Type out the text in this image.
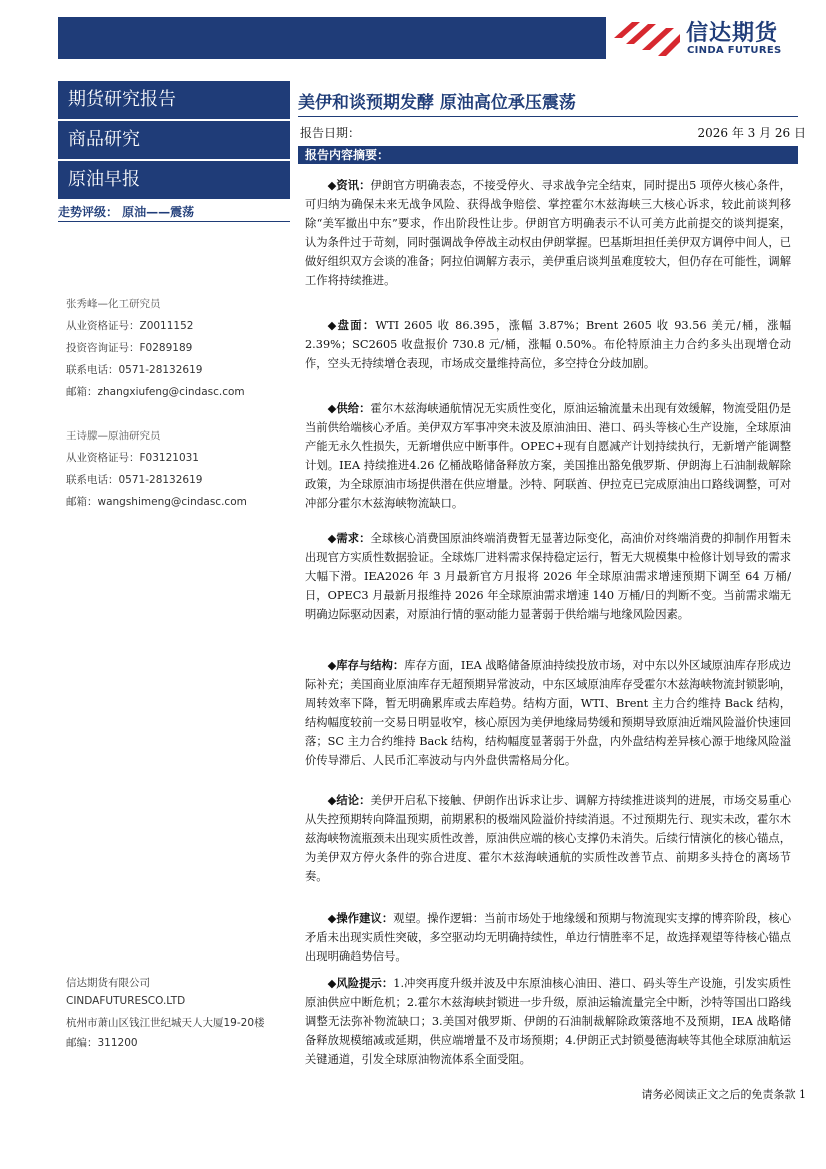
信达期货
CINDA FUTURES
期货研究报告
商品研究
原油早报
走势评级： 原油——震荡
张秀峰—化工研究员
从业资格证号：Z0011152
投资咨询证号：F0289189
联系电话：0571-28132619
邮箱：zhangxiufeng@cindasc.com
王诗朦—原油研究员
从业资格证号：F03121031
联系电话：0571-28132619
邮箱：wangshimeng@cindasc.com
信达期货有限公司
CINDAFUTURESCO.LTD
杭州市萧山区钱江世纪城天人大厦19-20楼
邮编：311200
美伊和谈预期发酵 原油高位承压震荡
报告日期：	2026 年 3 月 26 日
报告内容摘要：
◆资讯：伊朗官方明确表态，不接受停火、寻求战争完全结束，同时提出5 项停火核心条件，可归纳为确保未来无战争风险、获得战争赔偿、掌控霍尔木兹海峡三大核心诉求，较此前谈判移除“美军撤出中东”要求，作出阶段性让步。伊朗官方明确表示不认可美方此前提交的谈判提案，认为条件过于苛刻，同时强调战争停战主动权由伊朗掌握。巴基斯坦担任美伊双方调停中间人，已做好组织双方会谈的准备；阿拉伯调解方表示，美伊重启谈判虽难度较大，但仍存在可能性，调解工作将持续推进。
◆盘面：WTI 2605 收 86.395，涨幅 3.87%；Brent 2605 收 93.56 美元/桶，涨幅 2.39%；SC2605 收盘报价 730.8 元/桶，涨幅 0.50%。布伦特原油主力合约多头出现增仓动作，空头无持续增仓表现，市场成交量维持高位，多空持仓分歧加剧。
◆供给：霍尔木兹海峡通航情况无实质性变化，原油运输流量未出现有效缓解，物流受阻仍是当前供给端核心矛盾。美伊双方军事冲突未波及原油油田、港口、码头等核心生产设施，全球原油产能无永久性损失，无新增供应中断事件。OPEC+现有自愿减产计划持续执行，无新增产能调整计划。IEA 持续推进4.26 亿桶战略储备释放方案，美国推出豁免俄罗斯、伊朗海上石油制裁解除政策，为全球原油市场提供潜在供应增量。沙特、阿联酋、伊拉克已完成原油出口路线调整，可对冲部分霍尔木兹海峡物流缺口。
◆需求：全球核心消费国原油终端消费暂无显著边际变化，高油价对终端消费的抑制作用暂未出现官方实质性数据验证。全球炼厂进料需求保持稳定运行，暂无大规模集中检修计划导致的需求大幅下滑。IEA2026 年 3 月最新官方月报将 2026 年全球原油需求增速预期下调至 64 万桶/日，OPEC3 月最新月报维持 2026 年全球原油需求增速 140 万桶/日的判断不变。当前需求端无明确边际驱动因素，对原油行情的驱动能力显著弱于供给端与地缘风险因素。
◆库存与结构：库存方面，IEA 战略储备原油持续投放市场，对中东以外区域原油库存形成边际补充；美国商业原油库存无超预期异常波动，中东区域原油库存受霍尔木兹海峡物流封锁影响，周转效率下降，暂无明确累库或去库趋势。结构方面，WTI、Brent 主力合约维持 Back 结构，结构幅度较前一交易日明显收窄，核心原因为美伊地缘局势缓和预期导致原油近端风险溢价快速回落；SC 主力合约维持 Back 结构，结构幅度显著弱于外盘，内外盘结构差异核心源于地缘风险溢价传导滞后、人民币汇率波动与内外盘供需格局分化。
◆结论：美伊开启私下接触、伊朗作出诉求让步、调解方持续推进谈判的进展，市场交易重心从失控预期转向降温预期，前期累积的极端风险溢价持续消退。不过预期先行、现实未改，霍尔木兹海峡物流瓶颈未出现实质性改善，原油供应端的核心支撑仍未消失。后续行情演化的核心锚点，为美伊双方停火条件的弥合进度、霍尔木兹海峡通航的实质性改善节点、前期多头持仓的离场节奏。
◆操作建议：观望。操作逻辑：当前市场处于地缘缓和预期与物流现实支撑的博弈阶段，核心矛盾未出现实质性突破，多空驱动均无明确持续性，单边行情胜率不足，故选择观望等待核心锚点出现明确趋势信号。
◆风险提示：1.冲突再度升级并波及中东原油核心油田、港口、码头等生产设施，引发实质性原油供应中断危机；2.霍尔木兹海峡封锁进一步升级，原油运输流量完全中断，沙特等国出口路线调整无法弥补物流缺口；3.美国对俄罗斯、伊朗的石油制裁解除政策落地不及预期，IEA 战略储备释放规模缩减或延期，供应端增量不及市场预期；4.伊朗正式封锁曼德海峡等其他全球原油航运关键通道，引发全球原油物流体系全面受阻。
请务必阅读正文之后的免责条款 1
